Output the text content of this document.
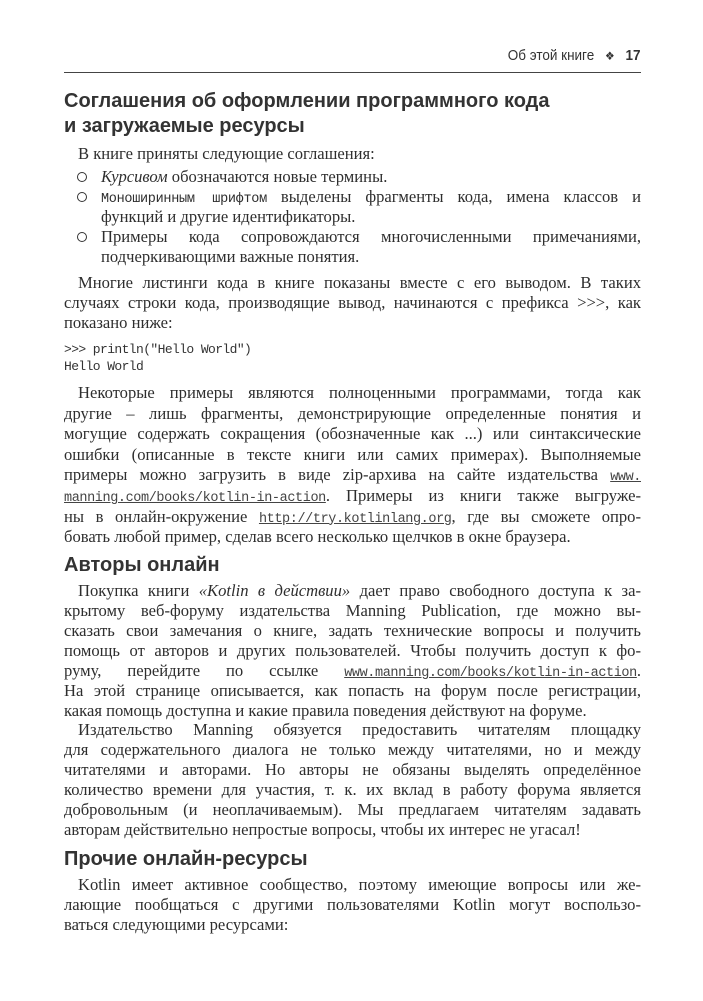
Об этой книге ❖ 17
Соглашения об оформлении программного кода
и загружаемые ресурсы
В книге приняты следующие соглашения:
Курсивом обозначаются новые термины.
Моноширинным шрифтом выделены фрагменты кода, имена классов и
функций и другие идентификаторы.
Примеры кода сопровождаются многочисленными примечаниями,
подчеркивающими важные понятия.
Многие листинги кода в книге показаны вместе с его выводом. В таких
случаях строки кода, производящие вывод, начинаются с префикса >>>, как
показано ниже:
>>> println("Hello World")
Hello World
Некоторые примеры являются полноценными программами, тогда как
другие – лишь фрагменты, демонстрирующие определенные понятия и
могущие содержать сокращения (обозначенные как ...) или синтаксические
ошибки (описанные в тексте книги или самих примерах). Выполняемые
примеры можно загрузить в виде zip-архива на сайте издательства www.
manning.com/books/kotlin-in-action. Примеры из книги также выгруже-
ны в онлайн-окружение http://try.kotlinlang.org, где вы сможете опро-
бовать любой пример, сделав всего несколько щелчков в окне браузера.
Авторы онлайн
Покупка книги «Kotlin в действии» дает право свободного доступа к за-
крытому веб-форуму издательства Manning Publication, где можно вы-
сказать свои замечания о книге, задать технические вопросы и получить
помощь от авторов и других пользователей. Чтобы получить доступ к фо-
руму, перейдите по ссылке www.manning.com/books/kotlin-in-action.
На этой странице описывается, как попасть на форум после регистрации,
какая помощь доступна и какие правила поведения действуют на форуме.
Издательство Manning обязуется предоставить читателям площадку
для содержательного диалога не только между читателями, но и между
читателями и авторами. Но авторы не обязаны выделять определённое
количество времени для участия, т. к. их вклад в работу форума является
добровольным (и неоплачиваемым). Мы предлагаем читателям задавать
авторам действительно непростые вопросы, чтобы их интерес не угасал!
Прочие онлайн-ресурсы
Kotlin имеет активное сообщество, поэтому имеющие вопросы или же-
лающие пообщаться с другими пользователями Kotlin могут воспользо-
ваться следующими ресурсами:
